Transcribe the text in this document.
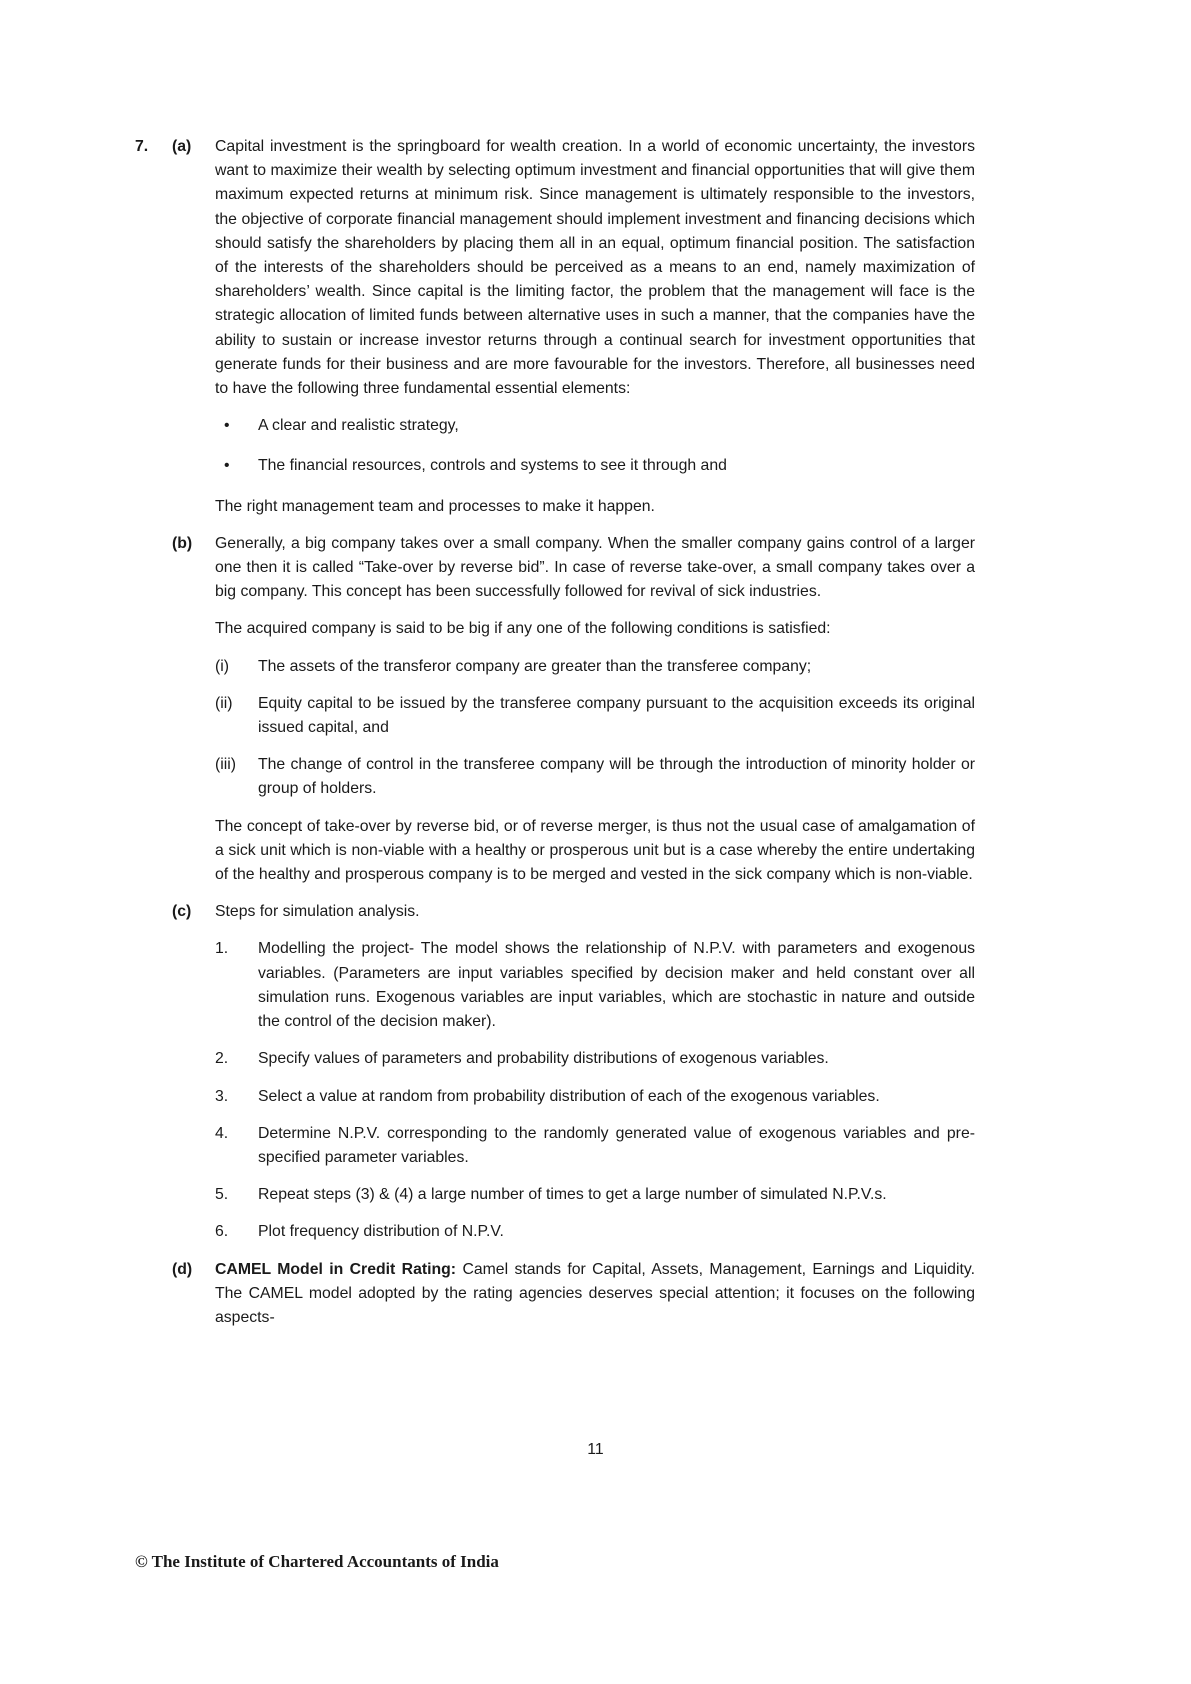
7.	(a)	Capital investment is the springboard for wealth creation. In a world of economic uncertainty, the investors want to maximize their wealth by selecting optimum investment and financial opportunities that will give them maximum expected returns at minimum risk. Since management is ultimately responsible to the investors, the objective of corporate financial management should implement investment and financing decisions which should satisfy the shareholders by placing them all in an equal, optimum financial position. The satisfaction of the interests of the shareholders should be perceived as a means to an end, namely maximization of shareholders’ wealth. Since capital is the limiting factor, the problem that the management will face is the strategic allocation of limited funds between alternative uses in such a manner, that the companies have the ability to sustain or increase investor returns through a continual search for investment opportunities that generate funds for their business and are more favourable for the investors. Therefore, all businesses need to have the following three fundamental essential elements:

•	A clear and realistic strategy,
•	The financial resources, controls and systems to see it through and

The right management team and processes to make it happen.

(b)	Generally, a big company takes over a small company. When the smaller company gains control of a larger one then it is called “Take-over by reverse bid”. In case of reverse take-over, a small company takes over a big company. This concept has been successfully followed for revival of sick industries.

The acquired company is said to be big if any one of the following conditions is satisfied:

(i)	The assets of the transferor company are greater than the transferee company;
(ii)	Equity capital to be issued by the transferee company pursuant to the acquisition exceeds its original issued capital, and
(iii)	The change of control in the transferee company will be through the introduction of minority holder or group of holders.

The concept of take-over by reverse bid, or of reverse merger, is thus not the usual case of amalgamation of a sick unit which is non-viable with a healthy or prosperous unit but is a case whereby the entire undertaking of the healthy and prosperous company is to be merged and vested in the sick company which is non-viable.

(c)	Steps for simulation analysis.

1.	Modelling the project- The model shows the relationship of N.P.V. with parameters and exogenous variables. (Parameters are input variables specified by decision maker and held constant over all simulation runs. Exogenous variables are input variables, which are stochastic in nature and outside the control of the decision maker).
2.	Specify values of parameters and probability distributions of exogenous variables.
3.	Select a value at random from probability distribution of each of the exogenous variables.
4.	Determine N.P.V. corresponding to the randomly generated value of exogenous variables and pre-specified parameter variables.
5.	Repeat steps (3) & (4) a large number of times to get a large number of simulated N.P.V.s.
6.	Plot frequency distribution of N.P.V.
(d)	CAMEL Model in Credit Rating: Camel stands for Capital, Assets, Management, Earnings and Liquidity. The CAMEL model adopted by the rating agencies deserves special attention; it focuses on the following aspects-

11
© The Institute of Chartered Accountants of India
